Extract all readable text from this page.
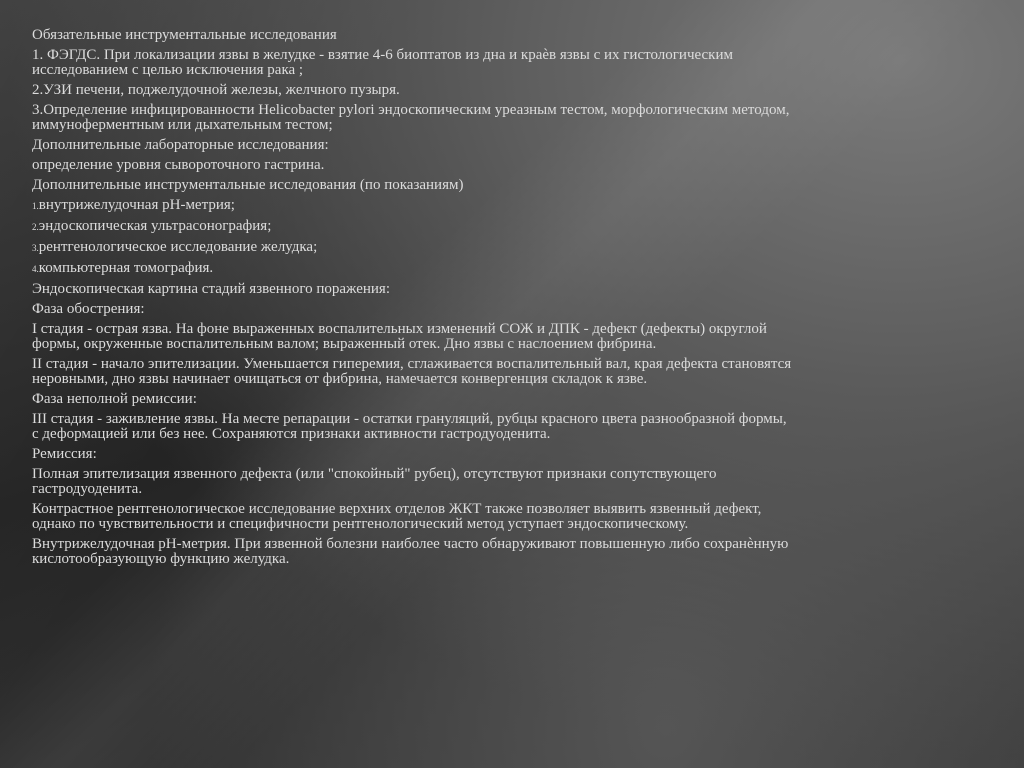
Обязательные инструментальные исследования

1. ФЭГДС. При локализации язвы в желудке - взятие 4-6 биоптатов из дна и краѐв язвы с их гистологическим исследованием с целью исключения рака ;

2.УЗИ печени, поджелудочной железы, желчного пузыря.

3.Определение инфицированности Helicobacter pylori эндоскопическим уреазным тестом, морфологическим методом, иммуноферментным или дыхательным тестом;

Дополнительные лабораторные исследования:

определение уровня сывороточного гастрина.

Дополнительные инструментальные исследования (по показаниям)

1.внутрижелудочная рН-метрия;

2.эндоскопическая ультрасонография;

3.рентгенологическое исследование желудка;

4.компьютерная томография.

Эндоскопическая картина стадий язвенного поражения:

Фаза обострения:

I стадия - острая язва. На фоне выраженных воспалительных изменений СОЖ и ДПК - дефект (дефекты) округлой формы, окруженные воспалительным валом; выраженный отек. Дно язвы с наслоением фибрина.

II стадия - начало эпителизации. Уменьшается гиперемия, сглаживается воспалительный вал, края дефекта становятся неровными, дно язвы начинает очищаться от фибрина, намечается конвергенция складок к язве.

Фаза неполной ремиссии:

III стадия - заживление язвы. На месте репарации - остатки грануляций, рубцы красного цвета разнообразной формы, с деформацией или без нее. Сохраняются признаки активности гастродуоденита.

Ремиссия:

Полная эпителизация язвенного дефекта (или "спокойный" рубец), отсутствуют признаки сопутствующего гастродуоденита.

Контрастное рентгенологическое исследование верхних отделов ЖКТ также позволяет выявить язвенный дефект, однако по чувствительности и специфичности рентгенологический метод уступает эндоскопическому.

Внутрижелудочная рН-метрия. При язвенной болезни наиболее часто обнаруживают повышенную либо сохранѐнную кислотообразующую функцию желудка.
